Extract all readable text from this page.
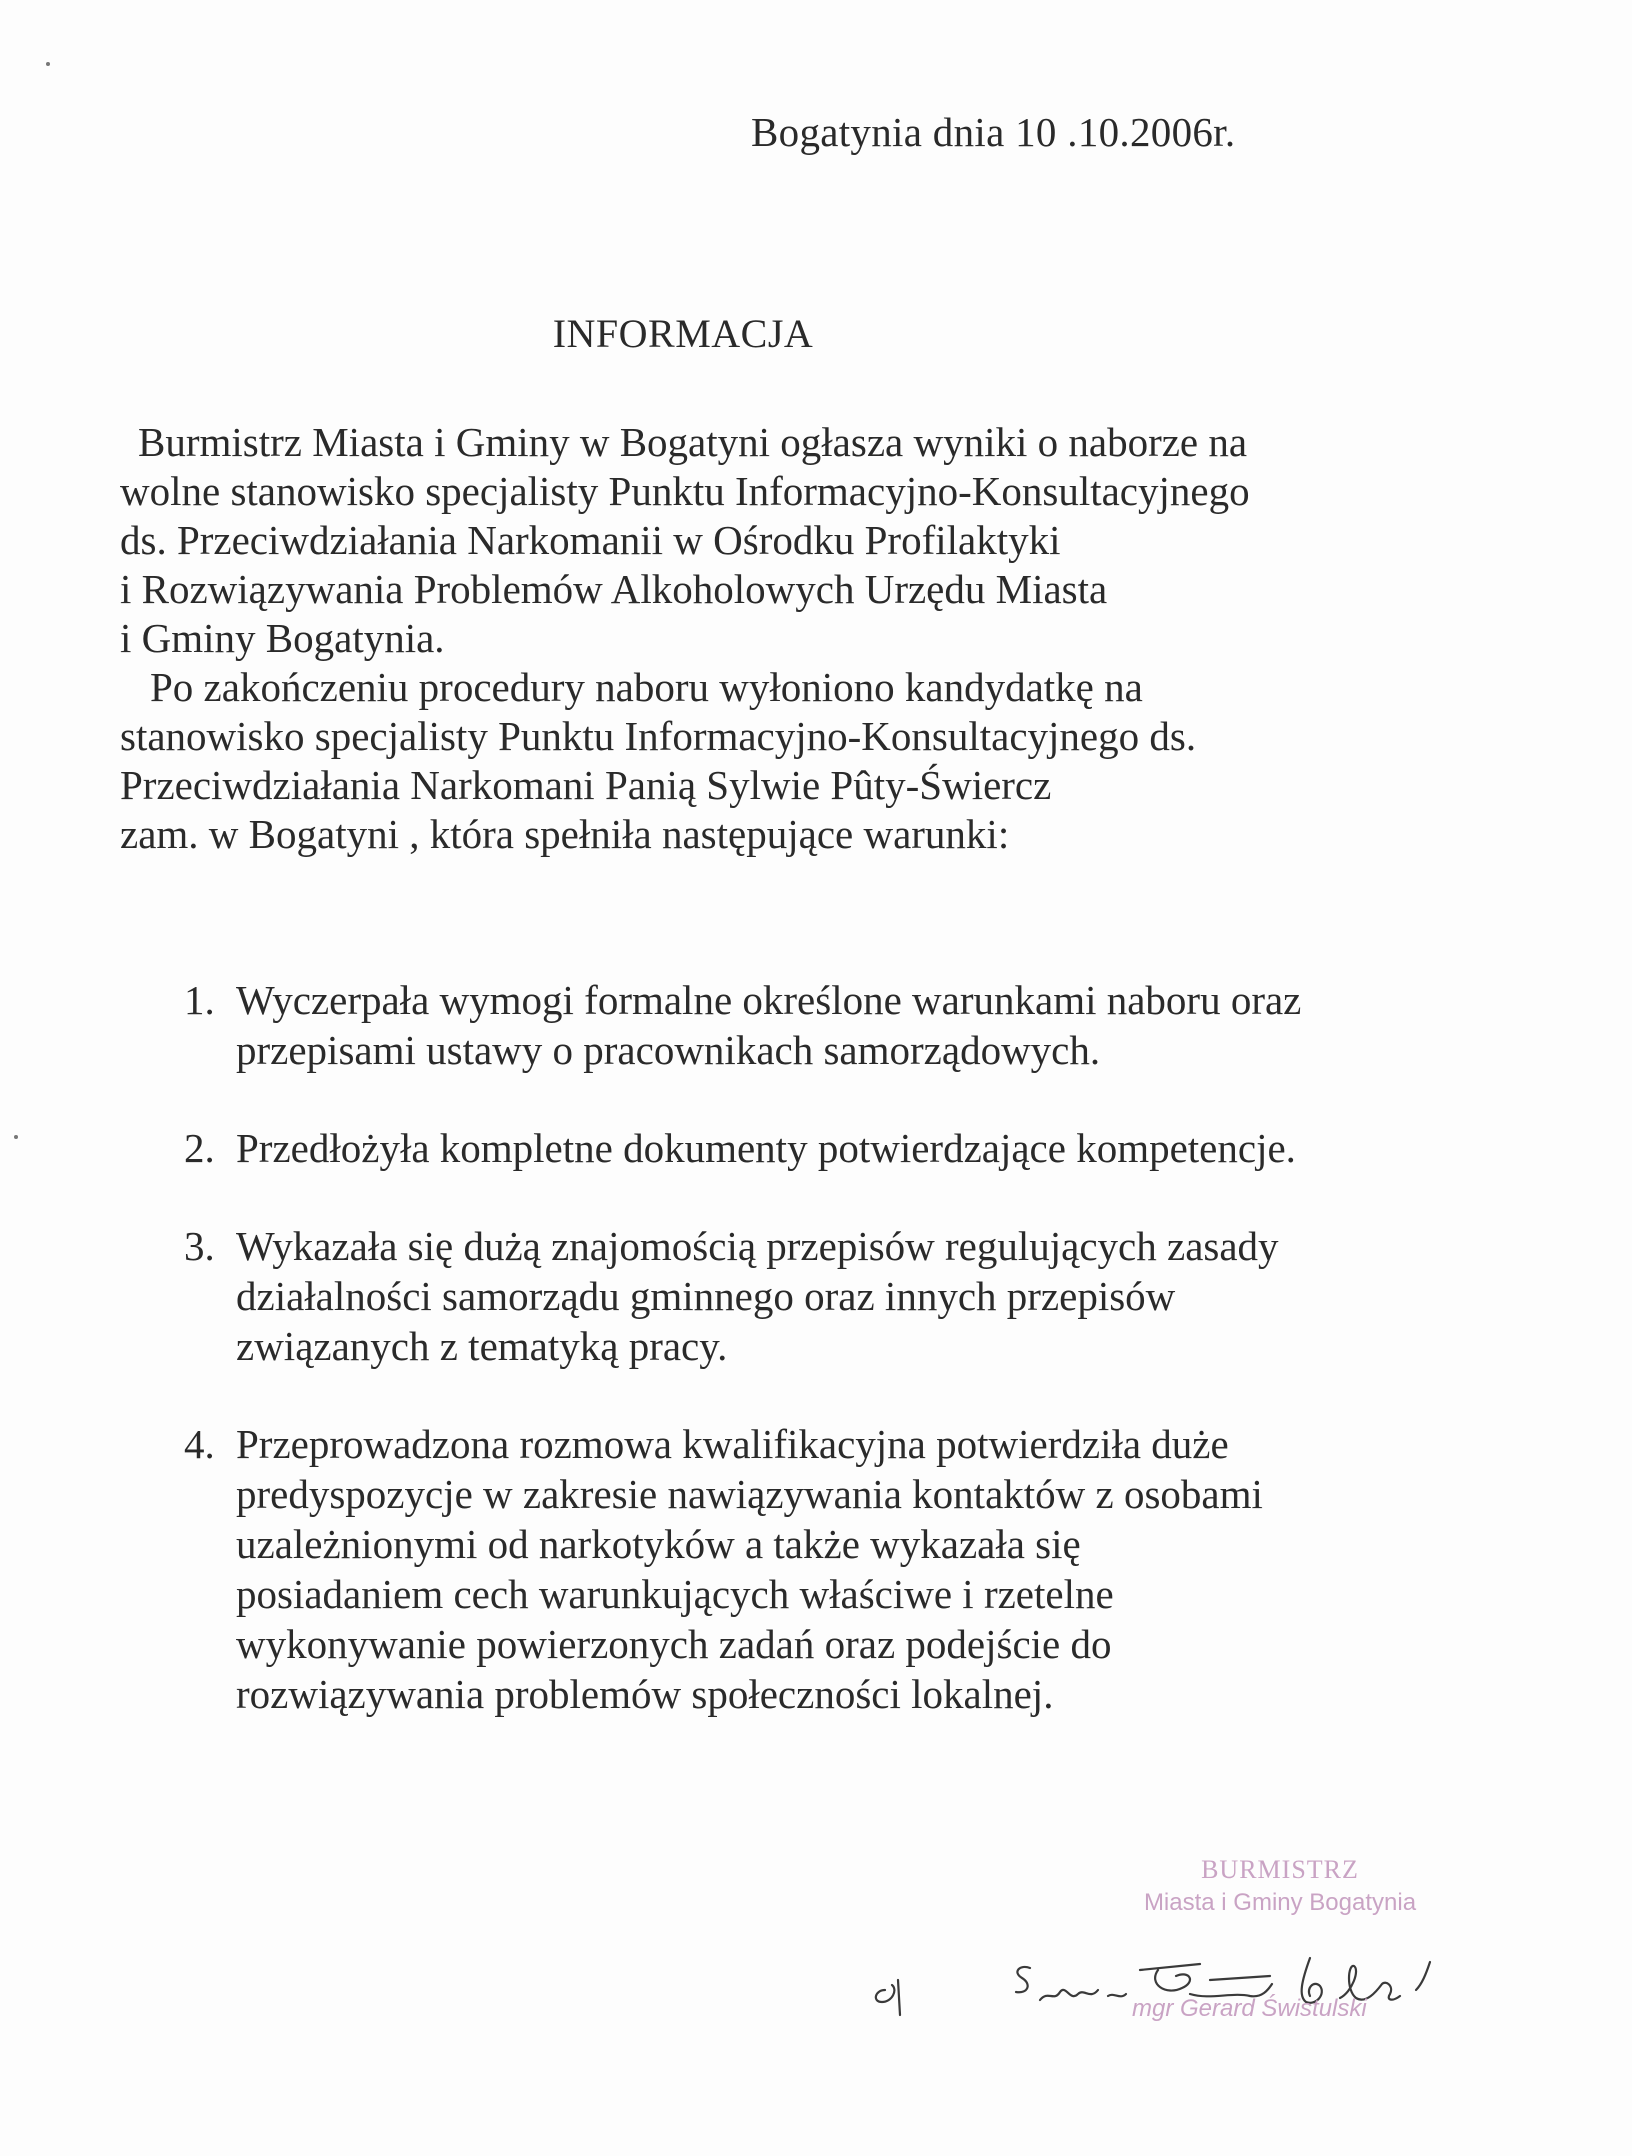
Bogatynia dnia 10 .10.2006r.
INFORMACJA
Burmistrz Miasta i Gminy w Bogatyni ogłasza wyniki o naborze na
wolne stanowisko specjalisty Punktu Informacyjno-Konsultacyjnego
ds. Przeciwdziałania Narkomanii w Ośrodku Profilaktyki
i Rozwiązywania Problemów Alkoholowych Urzędu Miasta
i Gminy Bogatynia.
Po zakończeniu procedury naboru wyłoniono kandydatkę na
stanowisko specjalisty Punktu Informacyjno-Konsultacyjnego ds.
Przeciwdziałania Narkomani Panią Sylwie Pûty-Świercz
zam. w Bogatyni , która spełniła następujące warunki:
1. Wyczerpała wymogi formalne określone warunkami naboru oraz
przepisami ustawy o pracownikach samorządowych.
2. Przedłożyła kompletne dokumenty potwierdzające kompetencje.
3. Wykazała się dużą znajomością przepisów regulujących zasady
działalności samorządu gminnego oraz innych przepisów
związanych z tematyką pracy.
4. Przeprowadzona rozmowa kwalifikacyjna potwierdziła duże
predyspozycje w zakresie nawiązywania kontaktów z osobami
uzależnionymi od narkotyków a także wykazała się
posiadaniem cech warunkujących właściwe i rzetelne
wykonywanie powierzonych zadań oraz podejście do
rozwiązywania problemów społeczności lokalnej.
BURMISTRZ
Miasta i Gminy Bogatynia
mgr Gerard Świstulski
